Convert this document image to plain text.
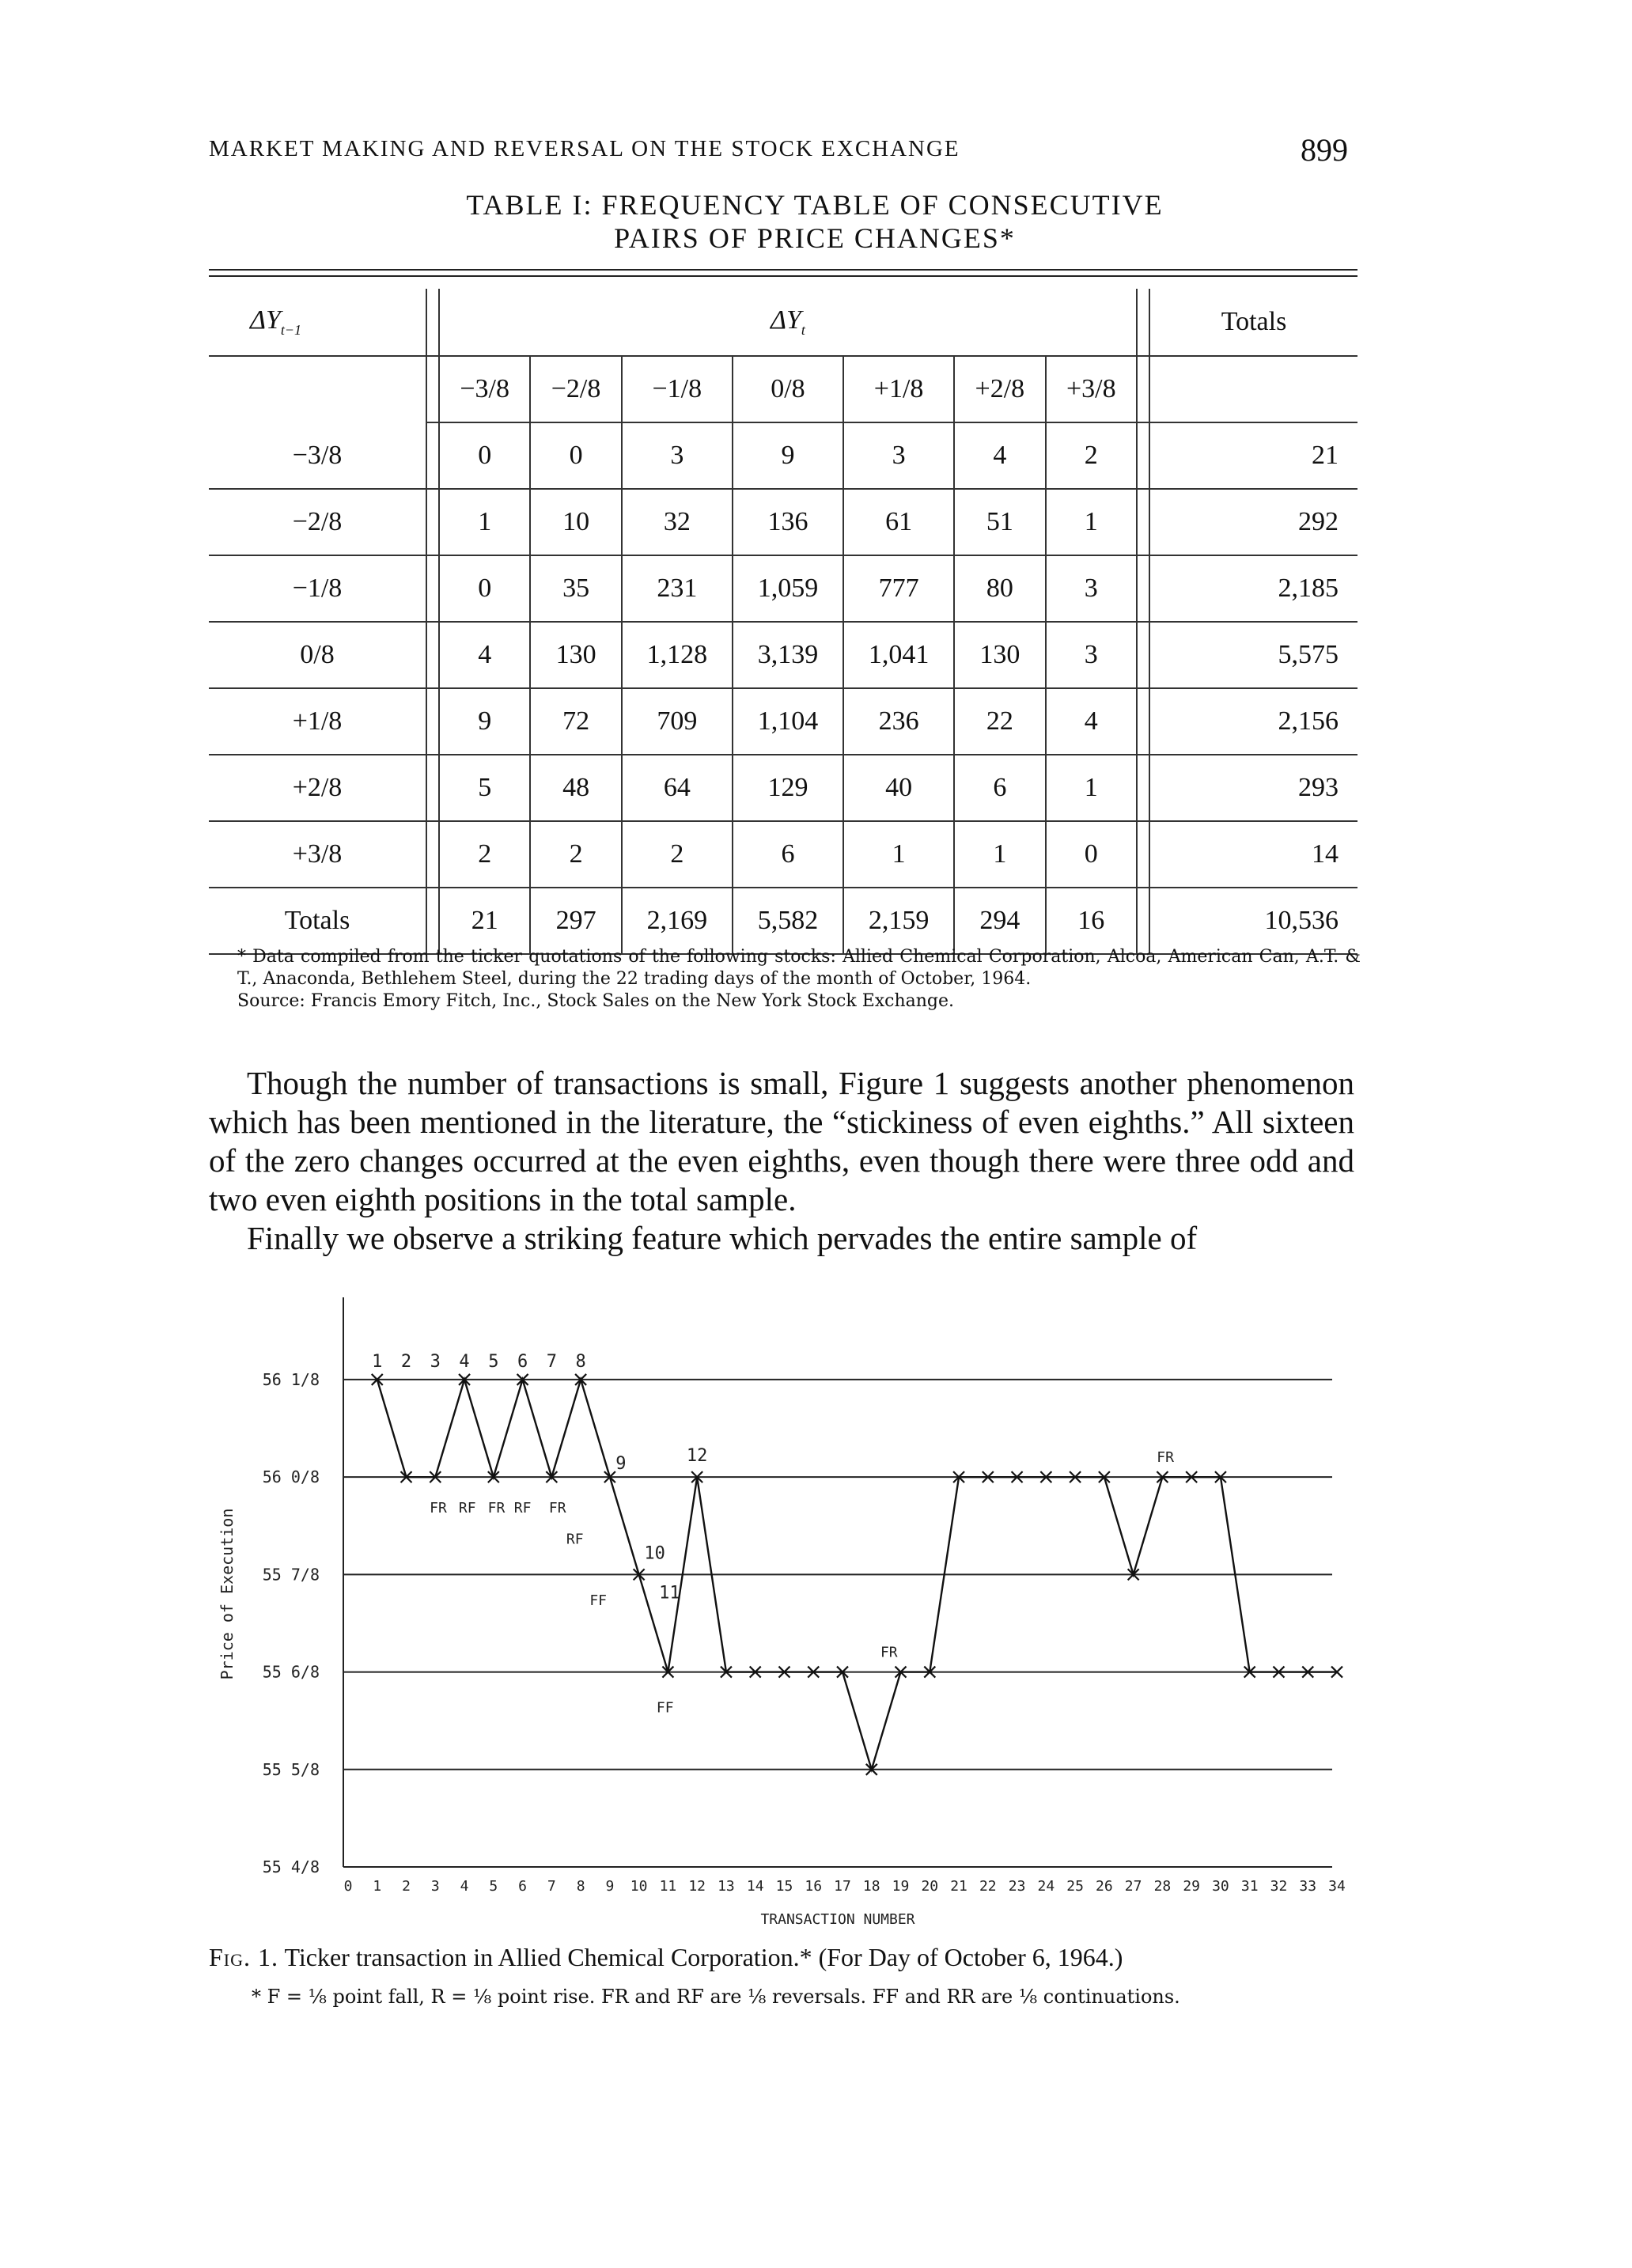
MARKET MAKING AND REVERSAL ON THE STOCK EXCHANGE	899
TABLE I: FREQUENCY TABLE OF CONSECUTIVE
PAIRS OF PRICE CHANGES*
$\Delta Y_{t-1}$		$\Delta Y_t$								Totals
		−3/8	−2/8	−1/8	0/8	+1/8	+2/8	+3/8		
−3/8		0	0	3	9	3	4	2		21
−2/8		1	10	32	136	61	51	1		292
−1/8		0	35	231	1,059	777	80	3		2,185
0/8		4	130	1,128	3,139	1,041	130	3		5,575
+1/8		9	72	709	1,104	236	22	4		2,156
+2/8		5	48	64	129	40	6	1		293
+3/8		2	2	2	6	1	1	0		14
Totals		21	297	2,169	5,582	2,159	294	16		10,536
* Data compiled from the ticker quotations of the following stocks: Allied Chemical Corporation, Alcoa, American Can, A.T. & T., Anaconda, Bethlehem Steel, during the 22 trading days of the month of October, 1964.
Source: Francis Emory Fitch, Inc., Stock Sales on the New York Stock Exchange.

Though the number of transactions is small, Figure 1 suggests another phenomenon which has been mentioned in the literature, the “stickiness of even eighths.” All sixteen of the zero changes occurred at the even eighths, even though there were three odd and two even eighth positions in the total sample.

Finally we observe a striking feature which pervades the entire sample of

55 4/8
55 5/8
55 6/8
55 7/8
56 0/8
56 1/8
Price of Execution
0 1 2 3 4 5 6 7 8 9 10 11 12 13 14 15 16 17 18 19 20 21 22 23 24 25 26 27 28 29 30 31 32 33 34
TRANSACTION NUMBER
1 2 3 4 5 6 7 8
9
10
11
12
FR RF FR RF FR
RF
FF
FF
FR
FR
Fig. 1. Ticker transaction in Allied Chemical Corporation.* (For Day of October 6, 1964.)
* F = ⅛ point fall, R = ⅛ point rise. FR and RF are ⅛ reversals. FF and RR are ⅛ continuations.
